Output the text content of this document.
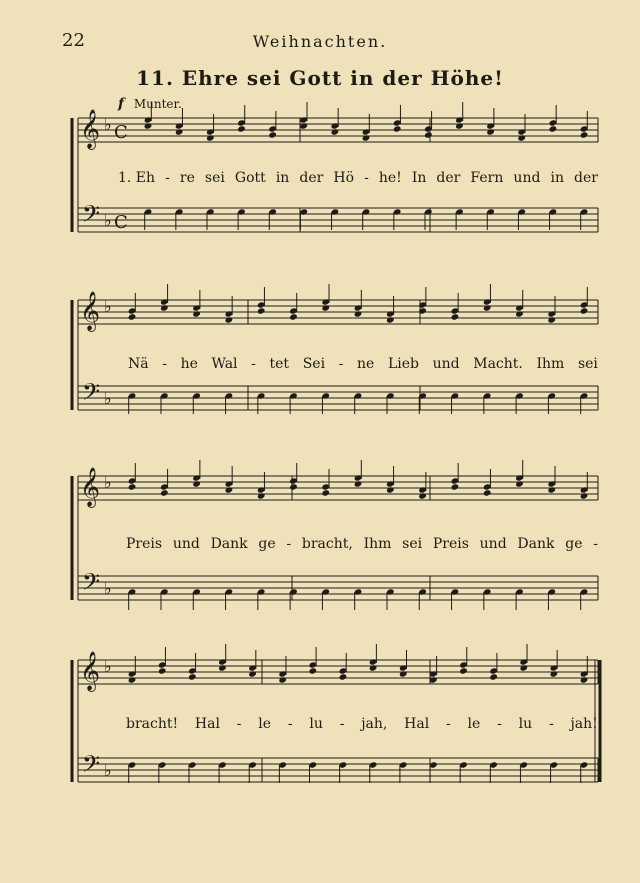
22	Weihnachten.
11. Ehre sei Gott in der Höhe!
f Munter.
𝄞
𝄢
♭
♭
C
C
𝄞
𝄢
♭
♭
𝄞
𝄢
♭
♭
𝄞
𝄢
♭
♭
1. Eh - re sei Gott in der Hö - he! In der Fern und in der
Nä - he Wal - tet Sei - ne Lieb und Macht. Ihm sei
Preis und Dank ge - bracht, Ihm sei Preis und Dank ge -
bracht! Hal - le - lu - jah, Hal - le - lu - jah!
